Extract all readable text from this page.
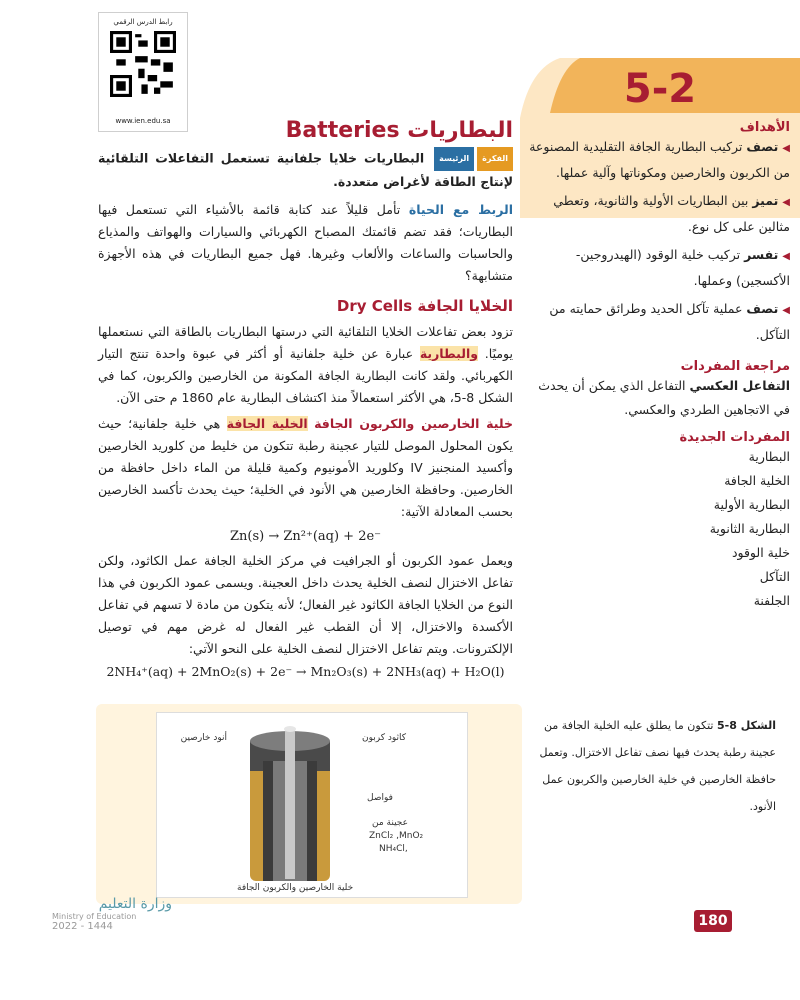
رابط الدرس الرقمي
www.ien.edu.sa
5-2
الأهداف
◀تصف تركيب البطارية الجافة التقليدية المصنوعة من الكربون والخارصين ومكوناتها وآلية عملها.
◀تميز بين البطاريات الأولية والثانوية، وتعطي مثالين على كل نوع.
◀تفسر تركيب خلية الوقود (الهيدروجين-الأكسجين) وعملها.
◀تصف عملية تآكل الحديد وطرائق حمايته من التآكل.
مراجعة المفردات
التفاعل العكسي التفاعل الذي يمكن أن يحدث في الاتجاهين الطردي والعكسي.
المفردات الجديدة
البطارية
الخلية الجافة
البطارية الأولية
البطارية الثانوية
خلية الوقود
التآكل
الجلفنة
البطاريات Batteries

الفكرةالرئيسة البطاريات خلايا جلفانية تستعمل التفاعلات التلقائية لإنتاج الطاقة لأغراض متعددة.

الربط مع الحياة تأمل قليلاً عند كتابة قائمة بالأشياء التي تستعمل فيها البطاريات؛ فقد تضم قائمتك المصباح الكهربائي والسيارات والهواتف والمذياع والحاسبات والساعات والألعاب وغيرها. فهل جميع البطاريات في هذه الأجهزة متشابهة؟

الخلايا الجافة Dry Cells

تزود بعض تفاعلات الخلايا التلقائية التي درستها البطاريات بالطاقة التي نستعملها يوميًا. والبطارية عبارة عن خلية جلفانية أو أكثر في عبوة واحدة تنتج التيار الكهربائي. ولقد كانت البطارية الجافة المكونة من الخارصين والكربون، كما في الشكل 8-5، هي الأكثر استعمالاً منذ اكتشاف البطارية عام 1860 م حتى الآن.

خلية الخارصين والكربون الجافة الخلية الجافة هي خلية جلفانية؛ حيث يكون المحلول الموصل للتيار عجينة رطبة تتكون من خليط من كلوريد الخارصين وأكسيد المنجنيز IV وكلوريد الأمونيوم وكمية قليلة من الماء داخل حافظة من الخارصين. وحافظة الخارصين هي الأنود في الخلية؛ حيث يحدث تأكسد الخارصين بحسب المعادلة الآتية:

Zn(s) → Zn²⁺(aq) + 2e⁻

ويعمل عمود الكربون أو الجرافيت في مركز الخلية الجافة عمل الكاثود، ولكن تفاعل الاختزال لنصف الخلية يحدث داخل العجينة. ويسمى عمود الكربون في هذا النوع من الخلايا الجافة الكاثود غير الفعال؛ لأنه يتكون من مادة لا تسهم في تفاعل الأكسدة والاختزال، إلا أن القطب غير الفعال له غرض مهم في توصيل الإلكترونات. ويتم تفاعل الاختزال لنصف الخلية على النحو الآتي:

2NH₄⁺(aq) + 2MnO₂(s) + 2e⁻ → Mn₂O₃(s) + 2NH₃(aq) + H₂O(l)
أنود خارصين	كاثود كربون
فواصل
عجينة من
ZnCl₂ ,MnO₂
NH₄Cl,
خلية الخارصين والكربون الجافة
الشكل 8-5 تتكون ما يطلق عليه الخلية الجافة من عجينة رطبة يحدث فيها نصف تفاعل الاختزال. وتعمل حافظة الخارصين في خلية الخارصين والكربون عمل الأنود.
180
وزارة التعليم
Ministry of Education
2022 - 1444
